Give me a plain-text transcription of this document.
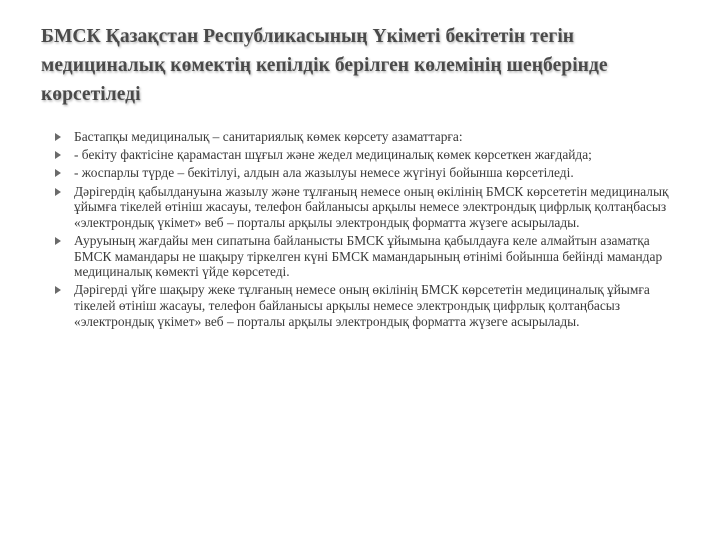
БМСК Қазақстан Республикасының Үкіметі бекітетін тегін медициналық көмектің кепілдік берілген көлемінің шеңберінде көрсетіледі
Бастапқы медициналық – санитариялық көмек көрсету азаматтарға:
- бекіту фактісіне қарамастан шұғыл және жедел медициналық көмек көрсеткен жағдайда;
- жоспарлы түрде – бекітілуі, алдын ала жазылуы немесе жүгінуі бойынша көрсетіледі.
Дәрігердің қабылдануына жазылу және тұлғаның немесе оның өкілінің БМСК көрсететін медициналық ұйымға тікелей өтініш жасауы, телефон байланысы арқылы немесе электрондық цифрлық қолтаңбасыз «электрондық үкімет» веб – порталы арқылы электрондық форматта жүзеге асырылады.
Ауруының жағдайы мен сипатына байланысты БМСК ұйымына қабылдауға келе алмайтын азаматқа БМСК мамандары не шақыру тіркелген күні БМСК мамандарының өтінімі бойынша бейінді мамандар медициналық көмекті үйде көрсетеді.
Дәрігерді үйге шақыру жеке тұлғаның немесе оның өкілінің БМСК көрсететін медициналық ұйымға тікелей өтініш жасауы, телефон байланысы арқылы немесе электрондық цифрлық қолтаңбасыз «электрондық үкімет» веб – порталы арқылы электрондық форматта жүзеге асырылады.
